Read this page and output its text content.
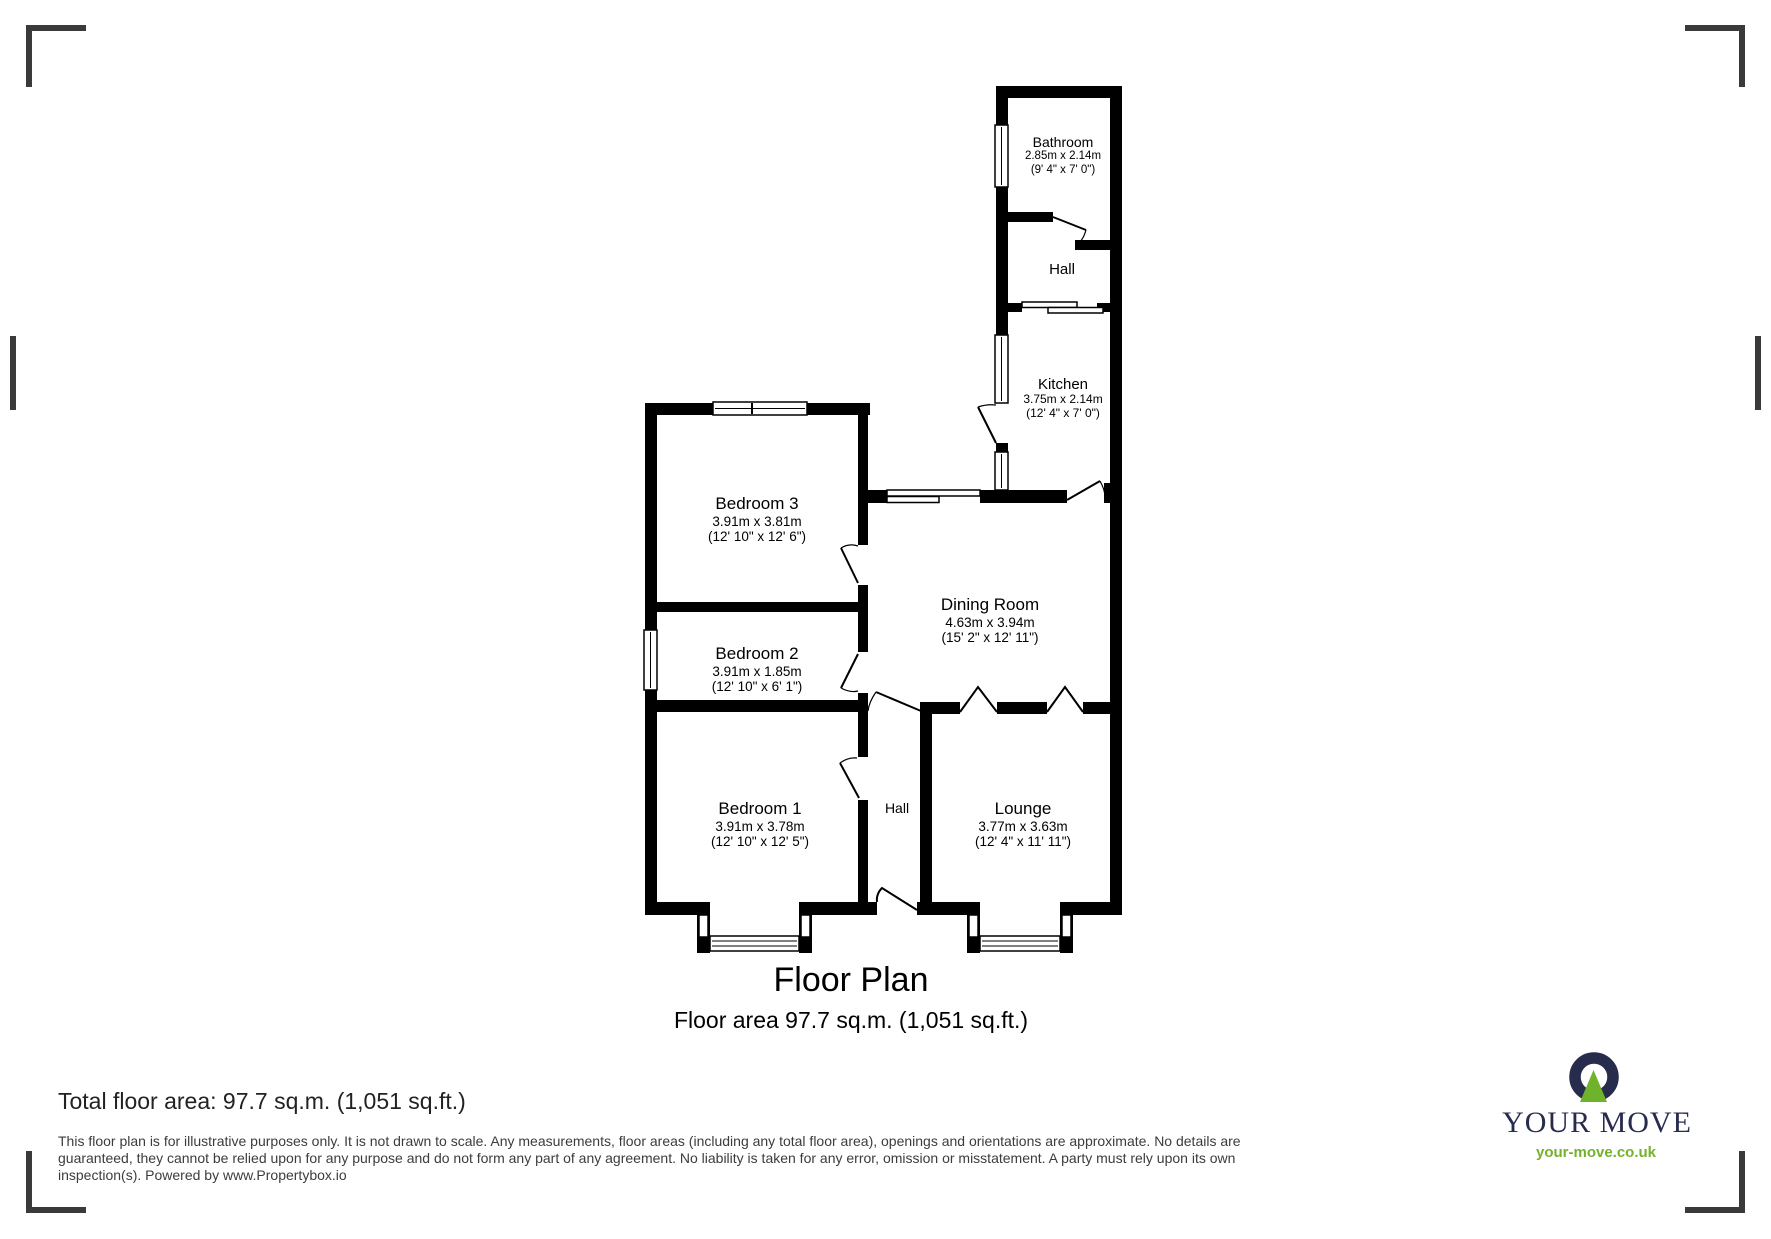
Bathroom
2.85m x 2.14m
(9' 4" x 7' 0")
Hall
Kitchen
3.75m x 2.14m
(12' 4" x 7' 0")
Bedroom 3
3.91m x 3.81m
(12' 10" x 12' 6")
Bedroom 2
3.91m x 1.85m
(12' 10" x 6' 1")
Dining Room
4.63m x 3.94m
(15' 2" x 12' 11")
Bedroom 1
3.91m x 3.78m
(12' 10" x 12' 5")
Hall	Lounge
3.77m x 3.63m
(12' 4" x 11' 11")
Floor Plan
Floor area 97.7 sq.m. (1,051 sq.ft.)
Total floor area: 97.7 sq.m. (1,051 sq.ft.)
This floor plan is for illustrative purposes only. It is not drawn to scale. Any measurements, floor areas (including any total floor area), openings and orientations are approximate. No details are
guaranteed, they cannot be relied upon for any purpose and do not form any part of any agreement. No liability is taken for any error, omission or misstatement. A party must rely upon its own
inspection(s). Powered by www.Propertybox.io
YOUR MOVE
your-move.co.uk
